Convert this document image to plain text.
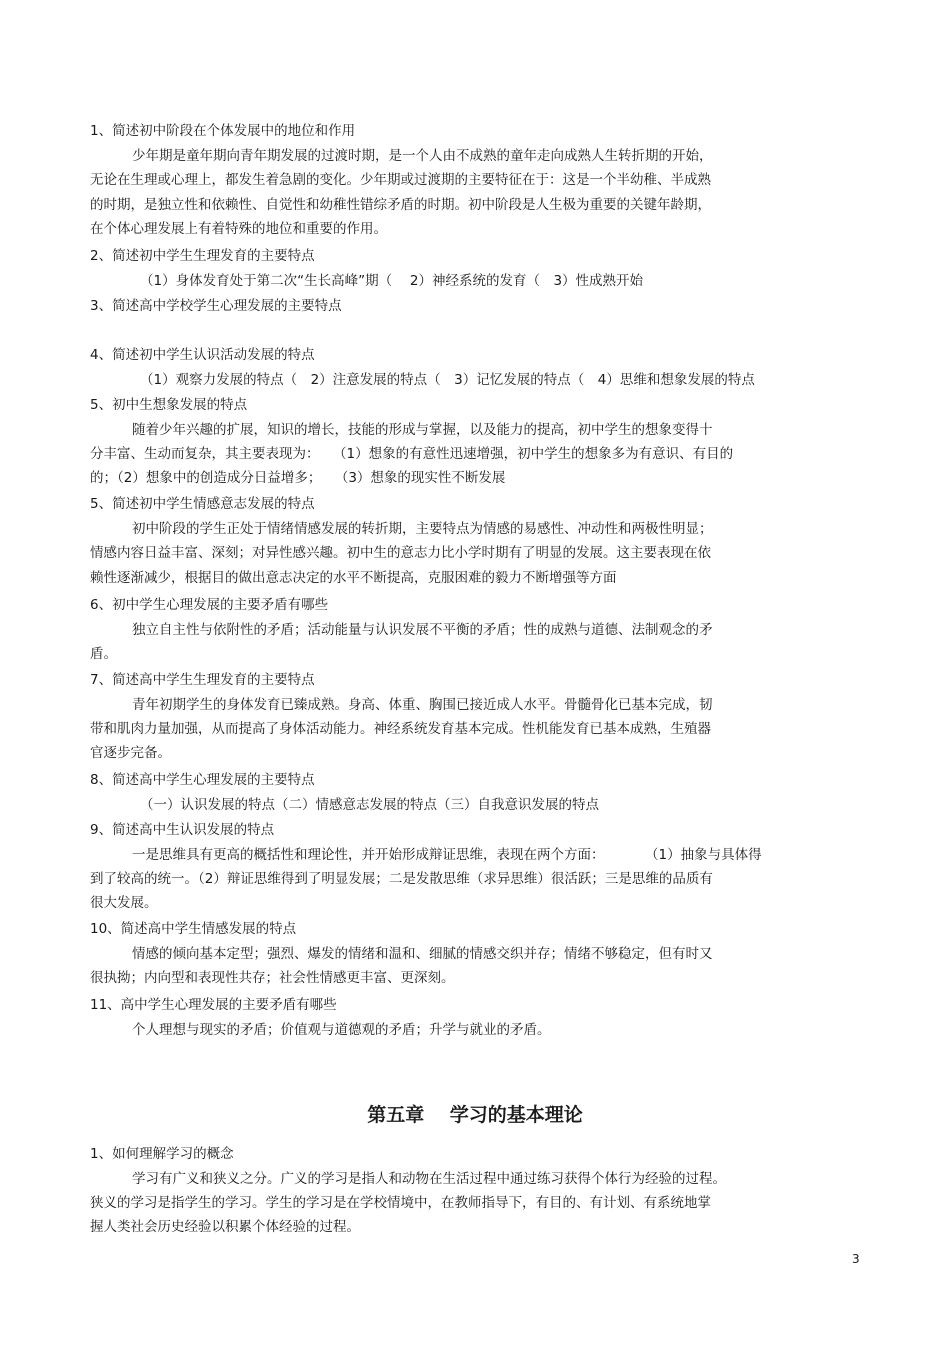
1、简述初中阶段在个体发展中的地位和作用

少年期是童年期向青年期发展的过渡时期，是一个人由不成熟的童年走向成熟人生转折期的开始，

无论在生理或心理上，都发生着急剧的变化。少年期或过渡期的主要特征在于：这是一个半幼稚、半成熟

的时期，是独立性和依赖性、自觉性和幼稚性错综矛盾的时期。初中阶段是人生极为重要的关键年龄期，

在个体心理发展上有着特殊的地位和重要的作用。

2、简述初中学生生理发育的主要特点

（1）身体发育处于第二次“生长高峰”期（　 2）神经系统的发育（　3）性成熟开始

3、简述高中学校学生心理发展的主要特点

4、简述初中学生认识活动发展的特点

（1）观察力发展的特点（　2）注意发展的特点（　3）记忆发展的特点（　4）思维和想象发展的特点

5、初中生想象发展的特点

随着少年兴趣的扩展，知识的增长，技能的形成与掌握，以及能力的提高，初中学生的想象变得十

分丰富、生动而复杂，其主要表现为：　　（1）想象的有意性迅速增强，初中学生的想象多为有意识、有目的

的；（2）想象中的创造成分日益增多；　　（3）想象的现实性不断发展

5、简述初中学生情感意志发展的特点

初中阶段的学生正处于情绪情感发展的转折期，主要特点为情感的易感性、冲动性和两极性明显；

情感内容日益丰富、深刻；对异性感兴趣。初中生的意志力比小学时期有了明显的发展。这主要表现在依

赖性逐渐减少，根据目的做出意志决定的水平不断提高，克服困难的毅力不断增强等方面

6、初中学生心理发展的主要矛盾有哪些

独立自主性与依附性的矛盾；活动能量与认识发展不平衡的矛盾；性的成熟与道德、法制观念的矛

盾。

7、简述高中学生生理发育的主要特点

青年初期学生的身体发育已臻成熟。身高、体重、胸围已接近成人水平。骨髓骨化已基本完成，韧

带和肌肉力量加强，从而提高了身体活动能力。神经系统发育基本完成。性机能发育已基本成熟，生殖器

官逐步完备。

8、简述高中学生心理发展的主要特点

（一）认识发展的特点（二）情感意志发展的特点（三）自我意识发展的特点

9、简述高中生认识发展的特点

一是思维具有更高的概括性和理论性，并开始形成辩证思维，表现在两个方面：　　　　（1）抽象与具体得

到了较高的统一。（2）辩证思维得到了明显发展；二是发散思维（求异思维）很活跃；三是思维的品质有

很大发展。

10、简述高中学生情感发展的特点

情感的倾向基本定型；强烈、爆发的情绪和温和、细腻的情感交织并存；情绪不够稳定，但有时又

很执拗；内向型和表现性共存；社会性情感更丰富、更深刻。

11、高中学生心理发展的主要矛盾有哪些

个人理想与现实的矛盾；价值观与道德观的矛盾；升学与就业的矛盾。

第五章　 学习的基本理论

1、如何理解学习的概念

学习有广义和狭义之分。广义的学习是指人和动物在生活过程中通过练习获得个体行为经验的过程。

狭义的学习是指学生的学习。学生的学习是在学校情境中，在教师指导下，有目的、有计划、有系统地掌

握人类社会历史经验以积累个体经验的过程。

3
